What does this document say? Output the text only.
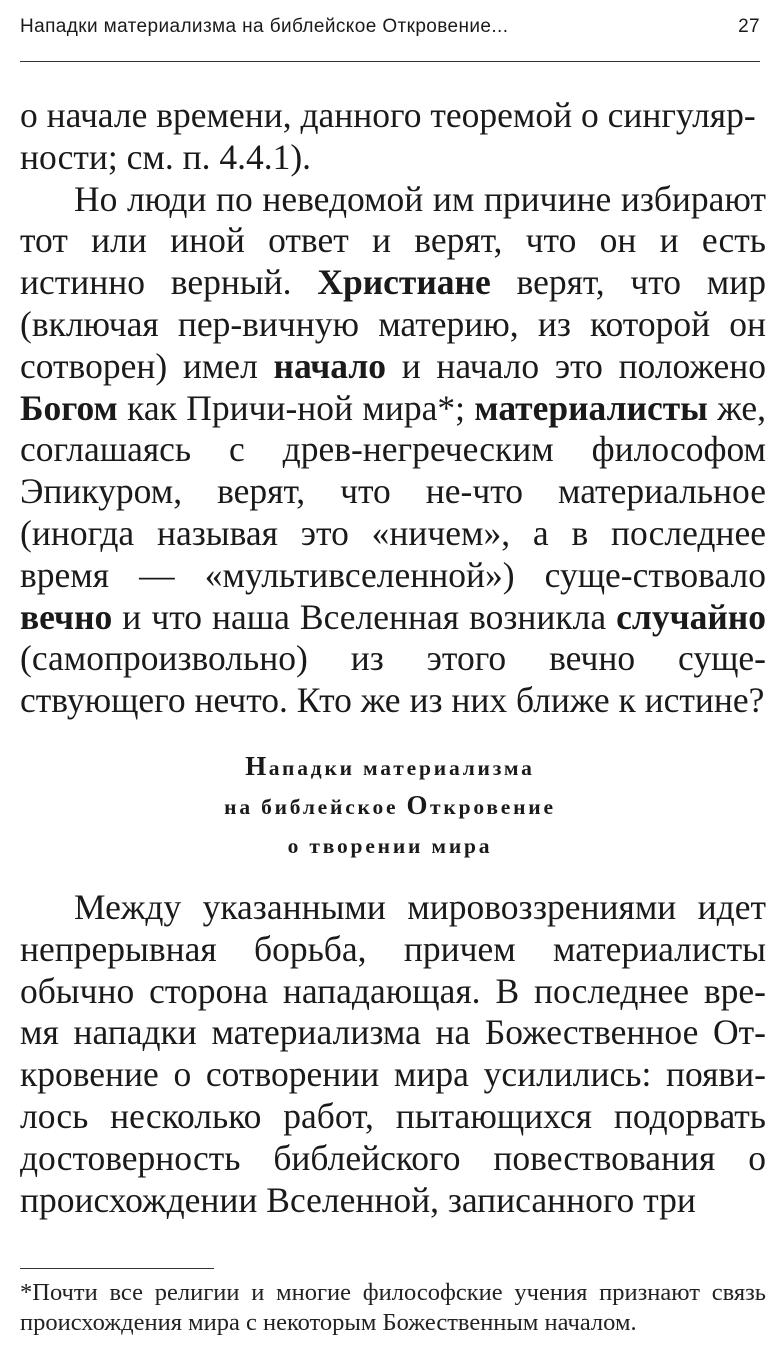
Нападки материализма на библейское Откровение...	27

о начале времени, данного теоремой о сингуляр-
ности; см. п. 4.4.1).

Но люди по неведомой им причине избирают тот или иной ответ и верят, что он и есть истинно верный. Христиане верят, что мир (включая пер-вичную материю, из которой он сотворен) имел начало и начало это положено Богом как Причи-ной мира*; материалисты же, соглашаясь с древ-негреческим философом Эпикуром, верят, что не-что материальное (иногда называя это «ничем», а в последнее время — «мультивселенной») суще-ствовало вечно и что наша Вселенная возникла случайно (самопроизвольно) из этого вечно суще-ствующего нечто. Кто же из них ближе к истине?

Нападки материализма
на библейское Откровение
о творении мира

Между указанными мировоззрениями идет непрерывная борьба, причем материалисты обычно сторона нападающая. В последнее вре-мя нападки материализма на Божественное От-кровение о сотворении мира усилились: появи-лось несколько работ, пытающихся подорвать достоверность библейского повествования о происхождении Вселенной, записанного три

*Почти все религии и многие философские учения признают связь происхождения мира с некоторым Божественным началом.
